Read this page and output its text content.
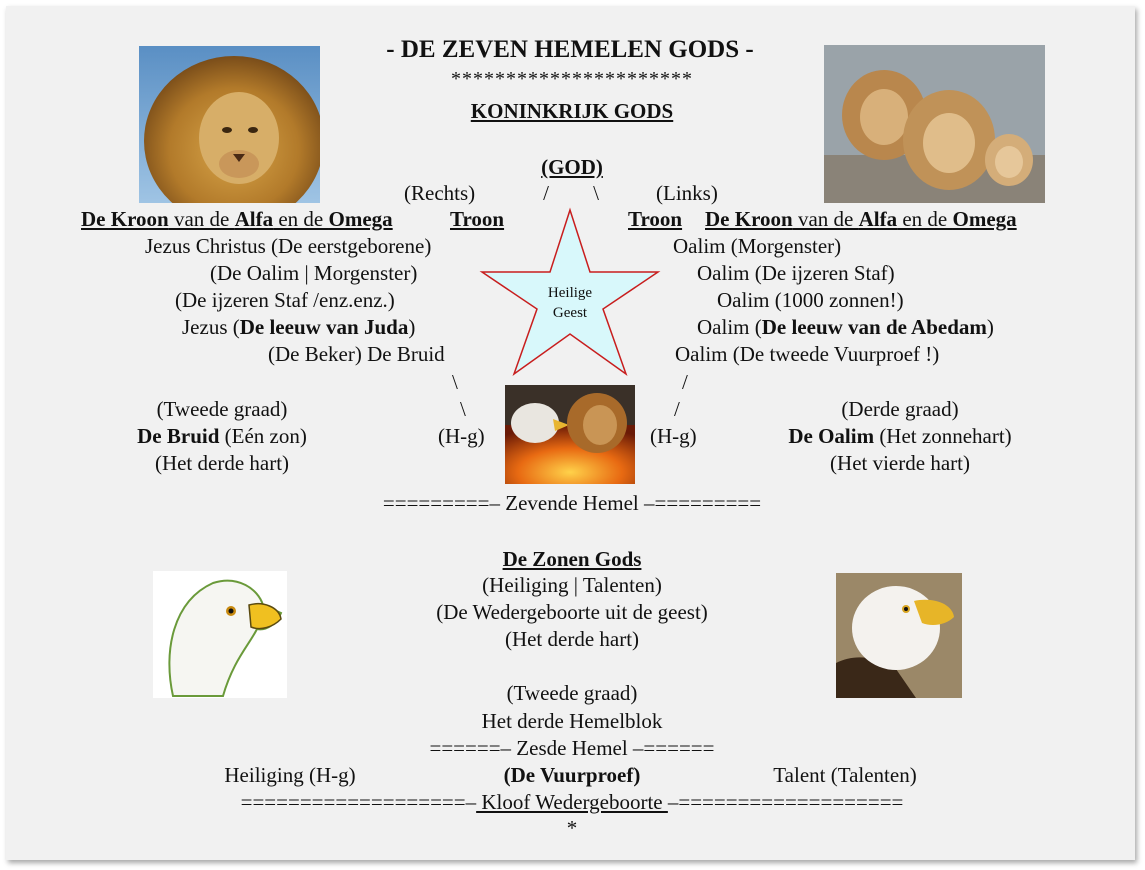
- DE ZEVEN HEMELEN GODS -
**********************
KONINKRIJK GODS
(GOD)
/ \
(Rechts)	(Links)
De Kroon van de Alfa en de Omega	Troon	Troon De Kroon van de Alfa en de Omega
Jezus Christus (De eerstgeborene)
(De Oalim | Morgenster)
(De ijzeren Staf /enz.enz.)
Jezus (De leeuw van Juda)
(De Beker) De Bruid
Oalim (Morgenster)
Oalim (De ijzeren Staf)
Oalim (1000 zonnen!)
Oalim (De leeuw van de Abedam)
Oalim (De tweede Vuurproef !)
Heilige
Geest
\
\
/
/
(Tweede graad)
De Bruid (Eén zon)
(Het derde hart)
(H-g)
(Derde graad)
De Oalim (Het zonnehart)
(Het vierde hart)
(H-g)
=========– Zevende Hemel –=========
De Zonen Gods
(Heiliging | Talenten)
(De Wedergeboorte uit de geest)
(Het derde hart)
(Tweede graad)
Het derde Hemelblok
======– Zesde Hemel –======
Heiliging (H-g)	(De Vuurproef)	Talent (Talenten)
===================– Kloof Wedergeboorte –===================
*
